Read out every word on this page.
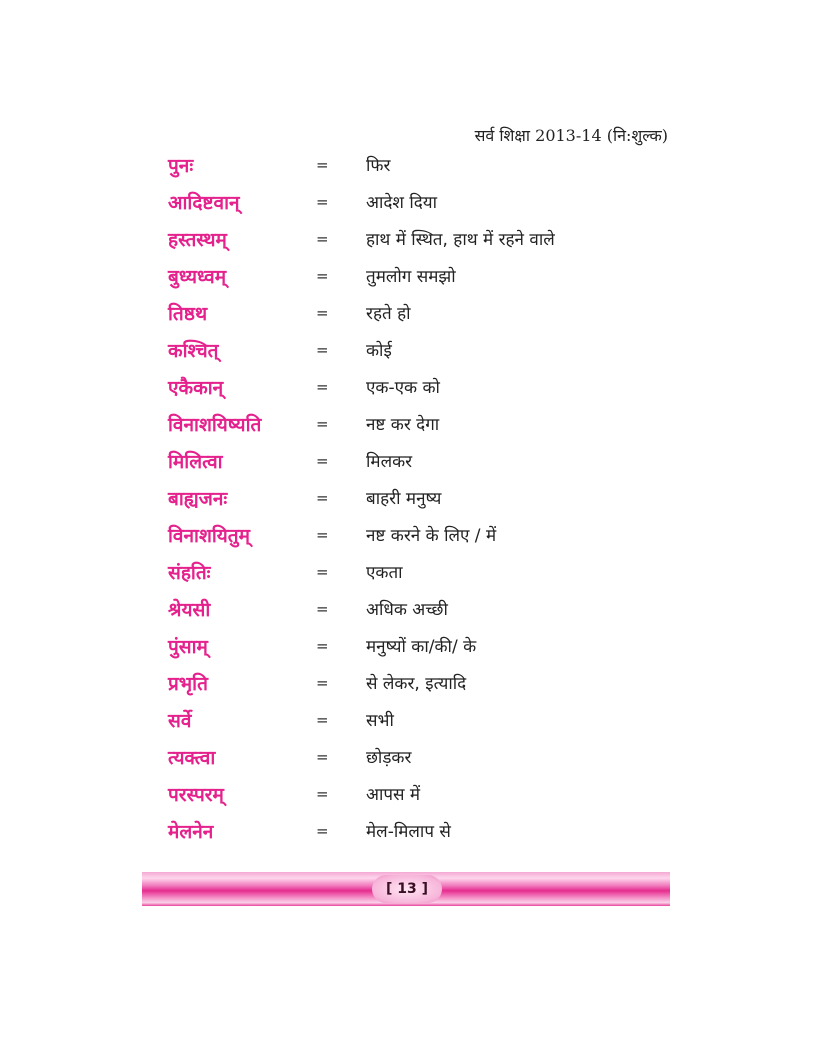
सर्व शिक्षा 2013-14 (नि:शुल्क)
पुनः	=	फिर
आदिष्टवान्	=	आदेश दिया
हस्तस्थम्	=	हाथ में स्थित, हाथ में रहने वाले
बुध्यध्वम्	=	तुमलोग समझो
तिष्ठथ	=	रहते हो
कश्चित्	=	कोई
एकैकान्	=	एक-एक को
विनाशयिष्यति	=	नष्ट कर देगा
मिलित्वा	=	मिलकर
बाह्यजनः	=	बाहरी मनुष्य
विनाशयितुम्	=	नष्ट करने के लिए / में
संहतिः	=	एकता
श्रेयसी	=	अधिक अच्छी
पुंसाम्	=	मनुष्यों का/की/ के
प्रभृति	=	से लेकर, इत्यादि
सर्वे	=	सभी
त्यक्त्वा	=	छोड़कर
परस्परम्	=	आपस में
मेलनेन	=	मेल-मिलाप से
[ 13 ]
